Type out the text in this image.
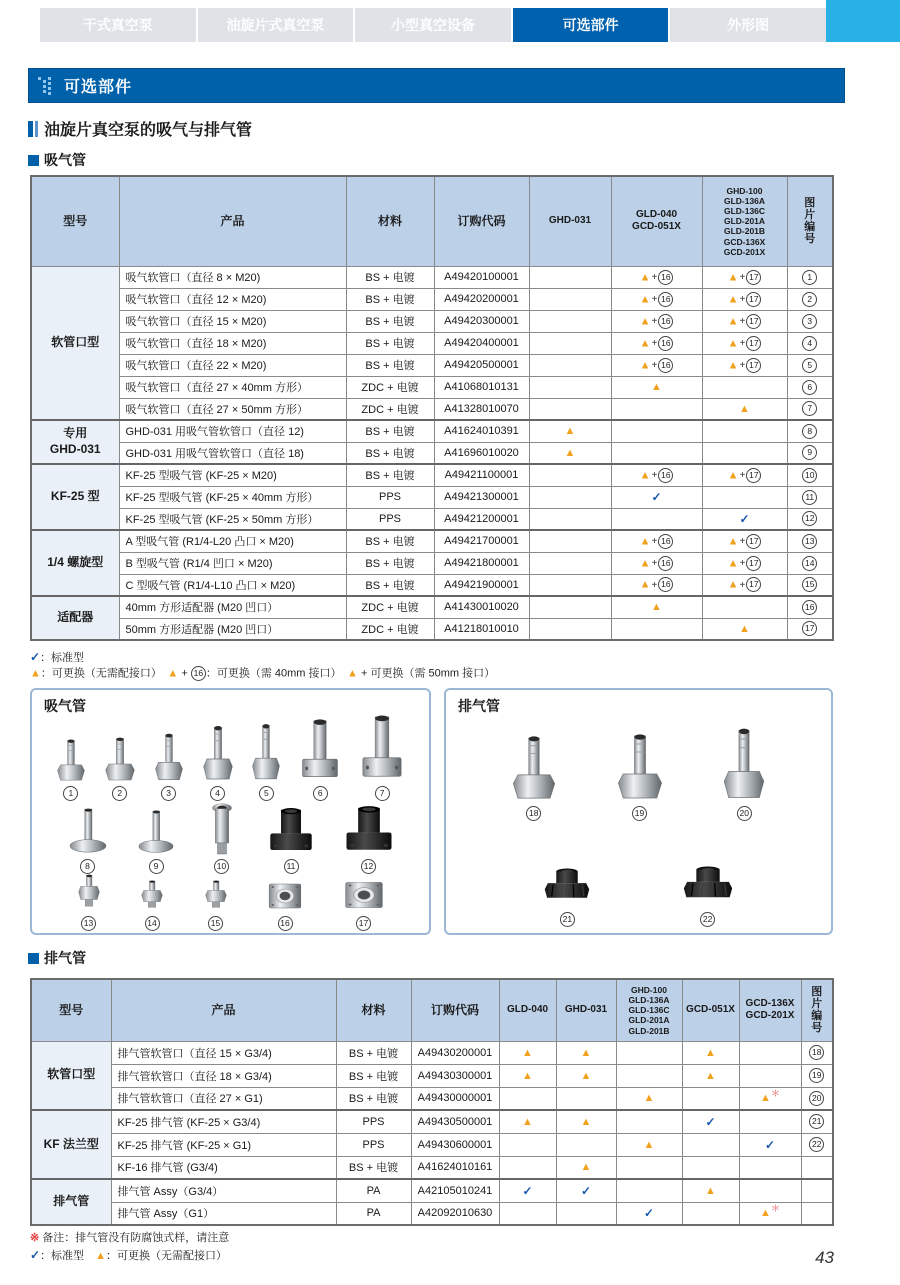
干式真空泵	油旋片式真空泵	小型真空设备	可选部件	外形图
可选部件
油旋片真空泵的吸气与排气管
吸气管
型号	产品	材料	订购代码	GHD-031	GLD-040
GCD-051X	GHD-100
GLD-136A
GLD-136C
GLD-201A
GLD-201B
GCD-136X
GCD-201X	图
片
编
号
软管口型	吸气软管口（直径 8 × M20)	BS + 电镀	A49420100001		▲+ 16	▲+ 17	1
	吸气软管口（直径 12 × M20)	BS + 电镀	A49420200001		▲+ 16	▲+ 17	2
	吸气软管口（直径 15 × M20)	BS + 电镀	A49420300001		▲+ 16	▲+ 17	3
	吸气软管口（直径 18 × M20)	BS + 电镀	A49420400001		▲+ 16	▲+ 17	4
	吸气软管口（直径 22 × M20)	BS + 电镀	A49420500001		▲+ 16	▲+ 17	5
	吸气软管口（直径 27 × 40mm 方形）	ZDC + 电镀	A41068010131		▲		6
	吸气软管口（直径 27 × 50mm 方形）	ZDC + 电镀	A41328010070			▲	7
专用
GHD-031	GHD-031 用吸气管软管口（直径 12)	BS + 电镀	A41624010391	▲			8
	GHD-031 用吸气管软管口（直径 18)	BS + 电镀	A41696010020	▲			9
KF-25 型	KF-25 型吸气管 (KF-25 × M20)	BS + 电镀	A49421100001		▲+ 16	▲+ 17	10
	KF-25 型吸气管 (KF-25 × 40mm 方形）	PPS	A49421300001		✓		11
	KF-25 型吸气管 (KF-25 × 50mm 方形）	PPS	A49421200001			✓	12
1/4 螺旋型	A 型吸气管 (R1/4-L20 凸口 × M20)	BS + 电镀	A49421700001		▲+ 16	▲+ 17	13
	B 型吸气管 (R1/4 凹口 × M20)	BS + 电镀	A49421800001		▲+ 16	▲+ 17	14
	C 型吸气管 (R1/4-L10 凸口 × M20)	BS + 电镀	A49421900001		▲+ 16	▲+ 17	15
适配器	40mm 方形适配器 (M20 凹口）	ZDC + 电镀	A41430010020		▲		16
	50mm 方形适配器 (M20 凹口）	ZDC + 电镀	A41218010010			▲	17
✓：标准型
▲：可更换（无需配接口）　▲ + 16 ：可更换（需 40mm 接口）　▲ + 可更换（需 50mm 接口）
吸气管
1	2	3	4	5	6	7
8	9	10	11	12
13	14	15	16	17
排气管
18	19	20
21	22
排气管
型号	产品	材料	订购代码	GLD-040	GHD-031	GHD-100
GLD-136A
GLD-136C
GLD-201A
GLD-201B	GCD-051X	GCD-136X
GCD-201X	图
片
编
号
软管口型	排气管软管口（直径 15 × G3/4)	BS + 电镀	A49430200001	▲	▲		▲		18
	排气管软管口（直径 18 × G3/4)	BS + 电镀	A49430300001	▲	▲		▲		19
	排气管软管口（直径 27 × G1)	BS + 电镀	A49430000001			▲		▲＊	20
KF 法兰型	KF-25 排气管 (KF-25 × G3/4)	PPS	A49430500001	▲	▲		✓		21
	KF-25 排气管 (KF-25 × G1)	PPS	A49430600001			▲		✓	22
	KF-16 排气管 (G3/4)	BS + 电镀	A41624010161		▲				
排气管	排气管 Assy（G3/4）	PA	A42105010241	✓	✓		▲		
	排气管 Assy（G1）	PA	A42092010630			✓		▲＊	
※ 备注：排气管没有防腐蚀式样，请注意
✓：标准型　▲：可更换（无需配接口）	43
